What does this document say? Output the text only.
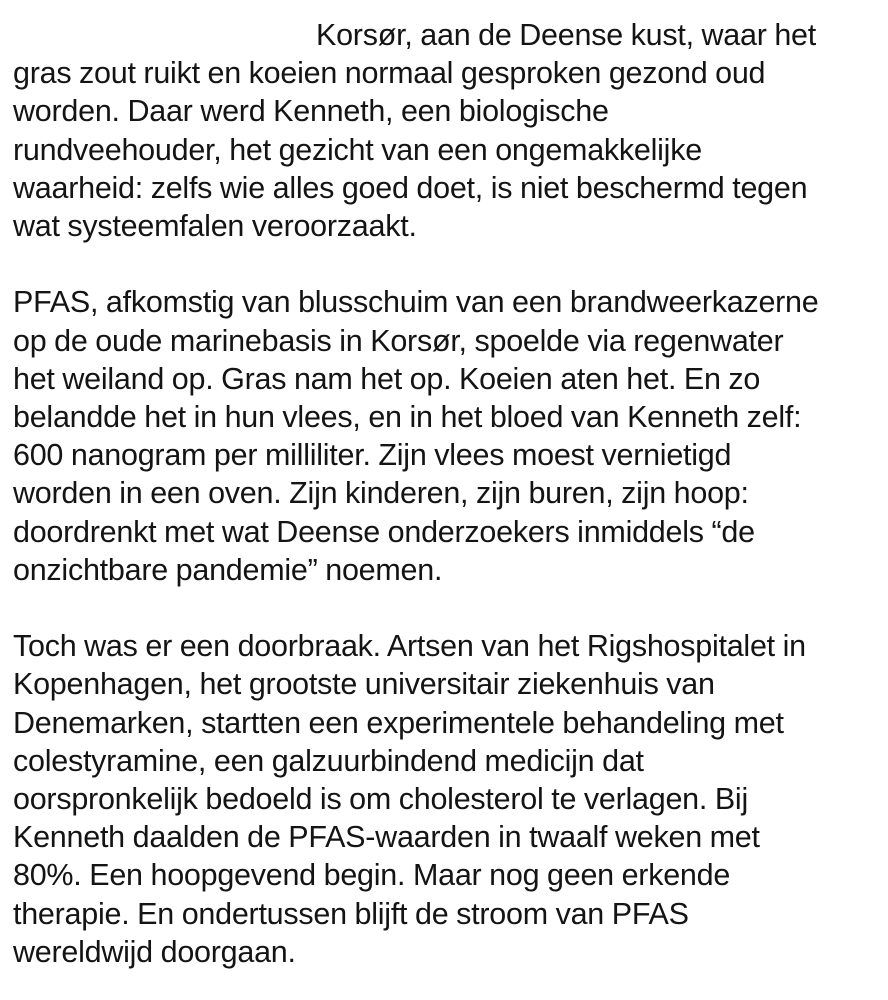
Korsør, aan de Deense kust, waar het
gras zout ruikt en koeien normaal gesproken gezond oud
worden. Daar werd Kenneth, een biologische
rundveehouder, het gezicht van een ongemakkelijke
waarheid: zelfs wie alles goed doet, is niet beschermd tegen
wat systeemfalen veroorzaakt.

PFAS, afkomstig van blusschuim van een brandweerkazerne
op de oude marinebasis in Korsør, spoelde via regenwater
het weiland op. Gras nam het op. Koeien aten het. En zo
belandde het in hun vlees, en in het bloed van Kenneth zelf:
600 nanogram per milliliter. Zijn vlees moest vernietigd
worden in een oven. Zijn kinderen, zijn buren, zijn hoop:
doordrenkt met wat Deense onderzoekers inmiddels “de
onzichtbare pandemie” noemen.

Toch was er een doorbraak. Artsen van het Rigshospitalet in
Kopenhagen, het grootste universitair ziekenhuis van
Denemarken, startten een experimentele behandeling met
colestyramine, een galzuurbindend medicijn dat
oorspronkelijk bedoeld is om cholesterol te verlagen. Bij
Kenneth daalden de PFAS-waarden in twaalf weken met
80%. Een hoopgevend begin. Maar nog geen erkende
therapie. En ondertussen blijft de stroom van PFAS
wereldwijd doorgaan.
